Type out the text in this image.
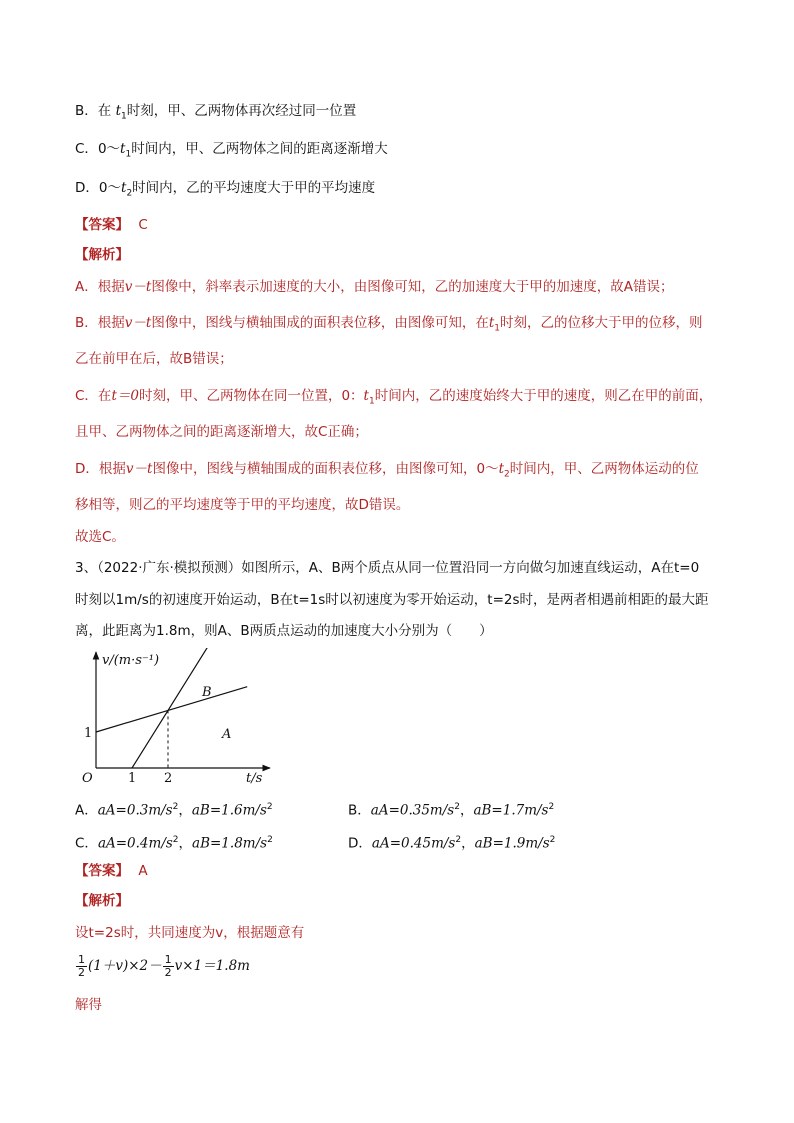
B．在 $t_1$时刻，甲、乙两物体再次经过同一位置
C．$0\sim t_1$时间内，甲、乙两物体之间的距离逐渐增大
D．$0\sim t_2$时间内，乙的平均速度大于甲的平均速度
【答案】 C
【解析】
A．根据v－t图像中，斜率表示加速度的大小，由图像可知，乙的加速度大于甲的加速度，故A错误；
B．根据v－t图像中，图线与横轴围成的面积表位移，由图像可知，在$t_1$时刻，乙的位移大于甲的位移，则
乙在前甲在后，故B错误；
C．在t＝0时刻，甲、乙两物体在同一位置，0：$t_1$时间内，乙的速度始终大于甲的速度，则乙在甲的前面，
且甲、乙两物体之间的距离逐渐增大，故C正确；
D．根据v－t图像中，图线与横轴围成的面积表位移，由图像可知，$0\sim t_2$时间内，甲、乙两物体运动的位
移相等，则乙的平均速度等于甲的平均速度，故D错误。
故选C。
3、（2022·广东·模拟预测）如图所示，A、B两个质点从同一位置沿同一方向做匀加速直线运动，A在t=0
时刻以1m/s的初速度开始运动，B在t=1s时以初速度为零开始运动，t=2s时，是两者相遇前相距的最大距
离，此距离为1.8m，则A、B两质点运动的加速度大小分别为（　　）
v/(m·s⁻¹)
t/s
O	1 2
1
B
A
A．$aA=0.3m/s^2$，$aB=1.6m/s^2$	B．$aA=0.35m/s^2$，$aB=1.7m/s^2$
C．$aA=0.4m/s^2$，$aB=1.8m/s^2$	D．$aA=0.45m/s^2$，$aB=1.9m/s^2$
【答案】 A
【解析】
设t=2s时，共同速度为v，根据题意有
$\frac{1}{2} (1+v)\times 2- \frac{1}{2} v\times 1=1.8m$
解得
